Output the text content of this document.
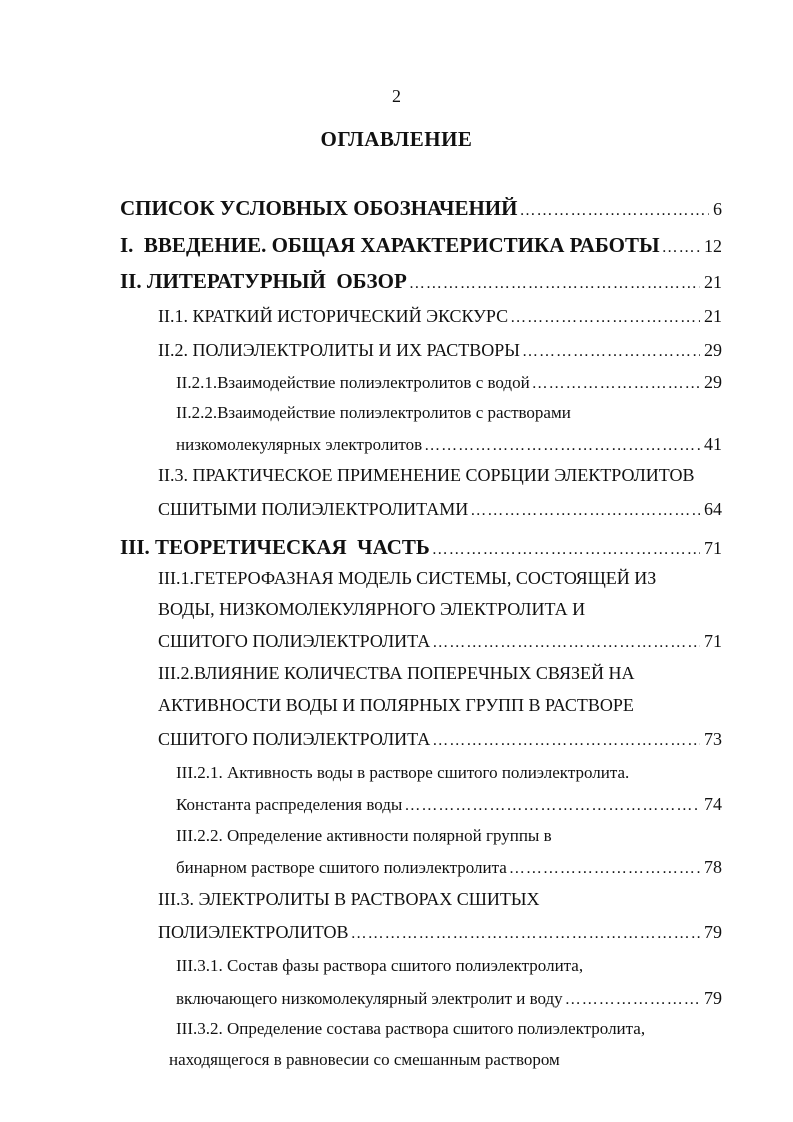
2
ОГЛАВЛЕНИЕ
СПИСОК УСЛОВНЫХ ОБОЗНАЧЕНИЙ ……………………………………………………………………………………………………………………………………………………………………………	6
I.  ВВЕДЕНИЕ. ОБЩАЯ ХАРАКТЕРИСТИКА РАБОТЫ …………………………………………………………………………………………………………………………………………………………………………… 12
II. ЛИТЕРАТУРНЫЙ  ОБЗОР ……………………………………………………………………………………………………………………………………………………………………………	21
II.1. КРАТКИЙ ИСТОРИЧЕСКИЙ ЭКСКУРС ……………………………………………………………………………………………………………………………………………………………………………	21
II.2. ПОЛИЭЛЕКТРОЛИТЫ И ИХ РАСТВОРЫ ……………………………………………………………………………………………………………………………………………………………………………	29
II.2.1.Взаимодействие полиэлектролитов с водой ……………………………………………………………………………………………………………………………………………………………………………	29
II.2.2.Взаимодействие полиэлектролитов с растворами
низкомолекулярных электролитов ……………………………………………………………………………………………………………………………………………………………………………	41
II.3. ПРАКТИЧЕСКОЕ ПРИМЕНЕНИЕ СОРБЦИИ ЭЛЕКТРОЛИТОВ
СШИТЫМИ ПОЛИЭЛЕКТРОЛИТАМИ ……………………………………………………………………………………………………………………………………………………………………………	64
III. ТЕОРЕТИЧЕСКАЯ  ЧАСТЬ ……………………………………………………………………………………………………………………………………………………………………………	71
III.1.ГЕТЕРОФАЗНАЯ МОДЕЛЬ СИСТЕМЫ, СОСТОЯЩЕЙ ИЗ
ВОДЫ, НИЗКОМОЛЕКУЛЯРНОГО ЭЛЕКТРОЛИТА И
СШИТОГО ПОЛИЭЛЕКТРОЛИТА ……………………………………………………………………………………………………………………………………………………………………………	71
III.2.ВЛИЯНИЕ КОЛИЧЕСТВА ПОПЕРЕЧНЫХ СВЯЗЕЙ НА
АКТИВНОСТИ ВОДЫ И ПОЛЯРНЫХ ГРУПП В РАСТВОРЕ
СШИТОГО ПОЛИЭЛЕКТРОЛИТА ……………………………………………………………………………………………………………………………………………………………………………	73
III.2.1. Активность воды в растворе сшитого полиэлектролита.
Константа распределения воды ……………………………………………………………………………………………………………………………………………………………………………	74
III.2.2. Определение активности полярной группы в
бинарном растворе сшитого полиэлектролита ……………………………………………………………………………………………………………………………………………………………………………	78
III.3. ЭЛЕКТРОЛИТЫ В РАСТВОРАХ СШИТЫХ
ПОЛИЭЛЕКТРОЛИТОВ ……………………………………………………………………………………………………………………………………………………………………………	79
III.3.1. Состав фазы раствора сшитого полиэлектролита,
включающего низкомолекулярный электролит и воду ……………………………………………………………………………………………………………………………………………………………………………	79
III.3.2. Определение состава раствора сшитого полиэлектролита,
находящегося в равновесии со смешанным раствором
